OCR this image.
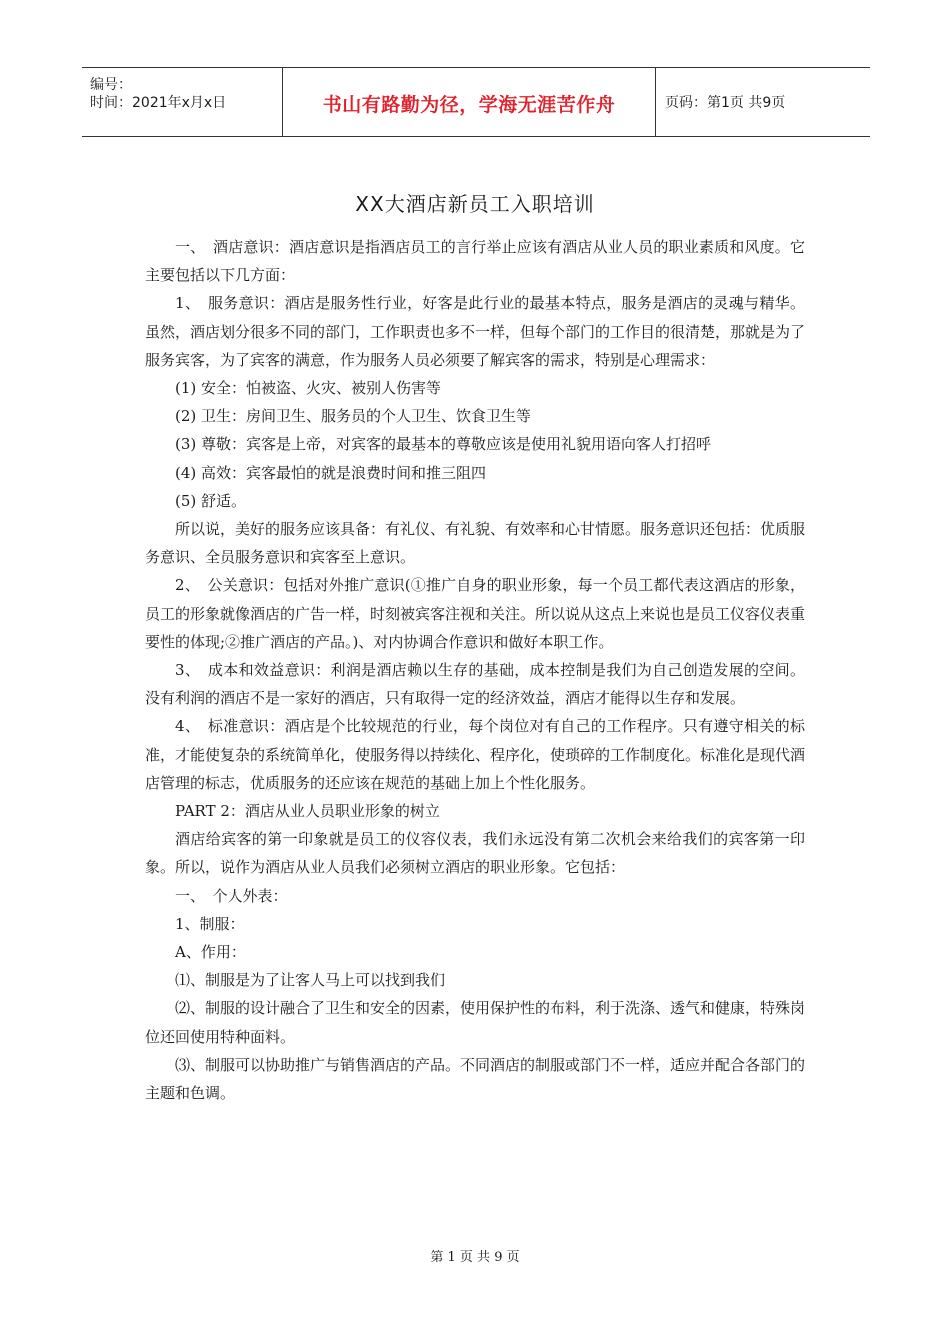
编号：
时间：2021年x月x日	书山有路勤为径，学海无涯苦作舟	页码：第1页 共9页
XX大酒店新员工入职培训

一、　酒店意识：酒店意识是指酒店员工的言行举止应该有酒店从业人员的职业素质和风度。它主要包括以下几方面：

1、　服务意识：酒店是服务性行业，好客是此行业的最基本特点，服务是酒店的灵魂与精华。虽然，酒店划分很多不同的部门，工作职责也多不一样，但每个部门的工作目的很清楚，那就是为了服务宾客，为了宾客的满意，作为服务人员必须要了解宾客的需求，特别是心理需求：

(1) 安全：怕被盗、火灾、被别人伤害等

(2) 卫生：房间卫生、服务员的个人卫生、饮食卫生等

(3) 尊敬：宾客是上帝，对宾客的最基本的尊敬应该是使用礼貌用语向客人打招呼

(4) 高效：宾客最怕的就是浪费时间和推三阻四

(5) 舒适。

所以说，美好的服务应该具备：有礼仪、有礼貌、有效率和心甘情愿。服务意识还包括：优质服务意识、全员服务意识和宾客至上意识。

2、　公关意识：包括对外推广意识(①推广自身的职业形象，每一个员工都代表这酒店的形象，员工的形象就像酒店的广告一样，时刻被宾客注视和关注。所以说从这点上来说也是员工仪容仪表重要性的体现;②推广酒店的产品。)、对内协调合作意识和做好本职工作。

3、　成本和效益意识：利润是酒店赖以生存的基础，成本控制是我们为自己创造发展的空间。没有利润的酒店不是一家好的酒店，只有取得一定的经济效益，酒店才能得以生存和发展。

4、　标准意识：酒店是个比较规范的行业，每个岗位对有自己的工作程序。只有遵守相关的标准，才能使复杂的系统简单化，使服务得以持续化、程序化，使琐碎的工作制度化。标准化是现代酒店管理的标志，优质服务的还应该在规范的基础上加上个性化服务。

PART 2：酒店从业人员职业形象的树立

酒店给宾客的第一印象就是员工的仪容仪表，我们永远没有第二次机会来给我们的宾客第一印象。所以，说作为酒店从业人员我们必须树立酒店的职业形象。它包括：

一、　个人外表：

1、制服：

A、作用：

⑴、制服是为了让客人马上可以找到我们

⑵、制服的设计融合了卫生和安全的因素，使用保护性的布料，利于洗涤、透气和健康，特殊岗位还回使用特种面料。

⑶、制服可以协助推广与销售酒店的产品。不同酒店的制服或部门不一样，适应并配合各部门的主题和色调。

第 1 页 共 9 页
